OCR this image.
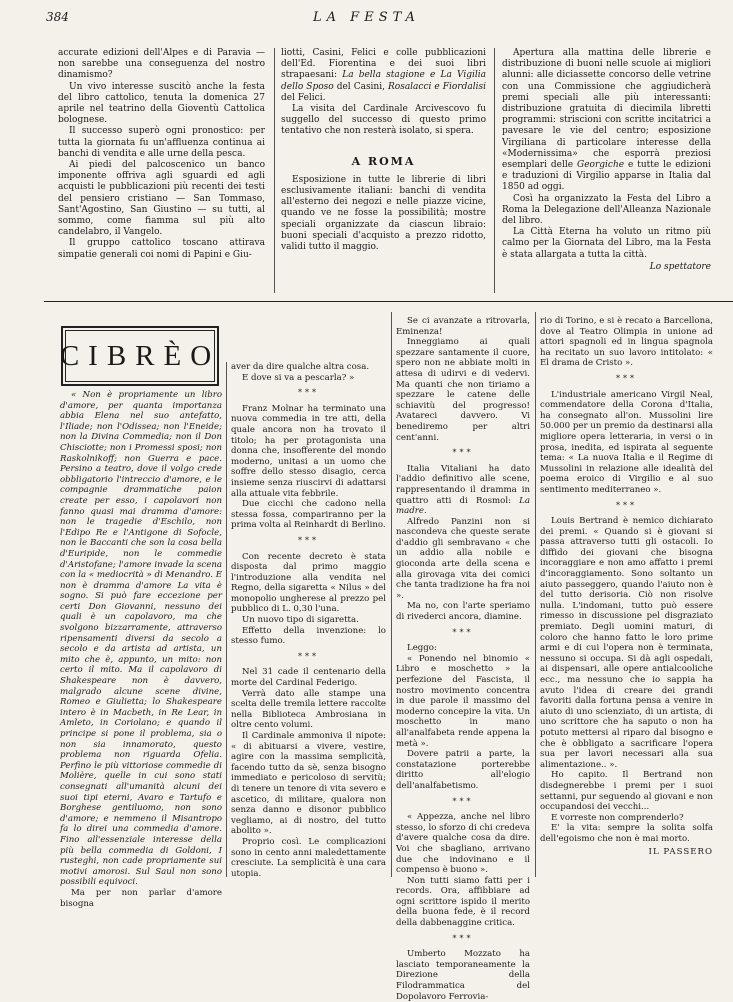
384	LA FESTA

accurate edizioni dell'Alpes e di Paravia — non sarebbe una conseguenza del nostro dinamismo?

Un vivo interesse suscitò anche la festa del libro cattolico, tenuta la domenica 27 aprile nel teatrino della Gioventù Cattolica bolognese.

Il successo superò ogni pronostico: per tutta la giornata fu un'affluenza continua ai banchi di vendita e alle urne della pesca.

Ai piedi del palcoscenico un banco imponente offriva agli sguardi ed agli acquisti le pubblicazioni più recenti dei testi del pensiero cristiano — San Tommaso, Sant'Agostino, San Giustino — su tutti, al sommo, come fiamma sul più alto candelabro, il Vangelo.

Il gruppo cattolico toscano attirava simpatie generali coi nomi di Papini e Giu-

liotti, Casini, Felici e colle pubblicazioni dell'Ed. Fiorentina e dei suoi libri strapaesani: La bella stagione e La Vigilia dello Sposo del Casini, Rosalacci e Fiordalisi del Felici.

La visita del Cardinale Arcivescovo fu suggello del successo di questo primo tentativo che non resterà isolato, si spera.

A ROMA

Esposizione in tutte le librerie di libri esclusivamente italiani: banchi di vendita all'esterno dei negozi e nelle piazze vicine, quando ve ne fosse la possibilità; mostre speciali organizzate da ciascun libraio: buoni speciali d'acquisto a prezzo ridotto, validi tutto il maggio.

Apertura alla mattina delle librerie e distribuzione di buoni nelle scuole ai migliori alunni: alle diciassette concorso delle vetrine con una Commissione che aggiudicherà premi speciali alle più interessanti: distribuzione gratuita di diecimila libretti programmi: striscioni con scritte incitatrici a pavesare le vie del centro; esposizione Virgiliana di particolare interesse della «Modernissima» che esporrà preziosi esemplari delle Georgiche e tutte le edizioni e traduzioni di Virgilio apparse in Italia dal 1850 ad oggi.

Così ha organizzato la Festa del Libro a Roma la Delegazione dell'Alleanza Nazionale del libro.

La Città Eterna ha voluto un ritmo più calmo per la Giornata del Libro, ma la Festa è stata allargata a tutta la città.

Lo spettatore
CIBRÈO

« Non è propriamente un libro d'amore, per quanta importanza abbia Elena nel suo antefatto, l'Iliade; non l'Odissea; non l'Eneide; non la Divina Commedia; non il Don Chisciotte; non i Promessi sposi; non Raskolnikoff; non Guerra e pace. Persino a teatro, dove il volgo crede obbligatorio l'intreccio d'amore, e le compagnie drammatiche paion create per esso, i capolavori non fanno quasi mai dramma d'amore: non le tragedie d'Eschilo, non l'Edipo Re e l'Antigone di Sofocle, non le Baccanti che son la cosa bella d'Euripide, non le commedie d'Aristofane; l'amore invade la scena con la « mediocrità » di Menandro. E non è dramma d'amore La vita è sogno. Si può fare eccezione per certi Don Giovanni, nessuno dei quali è un capolavoro, ma che svolgono bizzarramente, attraverso ripensamenti diversi da secolo a secolo e da artista ad artista, un mito che è, appunto, un mito: non certo il mito. Ma il capolavoro di Shakespeare non è davvero, malgrado alcune scene divine, Romeo e Giulietta; lo Shakespeare intero è in Macbeth, in Re Lear, in Amleto, in Coriolano; e quando il principe si pone il problema, sia o non sia innamorato, questo problema non riguarda Ofelia. Perfino le più vittoriose commedie di Molière, quelle in cui sono stati consegnati all'umanità alcuni dei suoi tipi eterni, Avaro e Tartufo e Borghese gentiluomo, non sono d'amore; e nemmeno il Misantropo fa lo direi una commedia d'amore. Fino all'essenziale interesse della più bella commedia di Goldoni, I rusteghi, non cade propriamente sui motivi amorosi. Sul Saul non sono possibili equivoci.

Ma per non parlar d'amore bisogna

aver da dire qualche altra cosa.

E dove si va a pescarla? »

***

Franz Molnar ha terminato una nuova commedia in tre atti, della quale ancora non ha trovato il titolo; ha per protagonista una donna che, insofferente del mondo moderno, unitasi a un uomo che soffre dello stesso disagio, cerca insieme senza riuscirvi di adattarsi alla attuale vita febbrile.

Due cicchi che cadono nella stessa fossa, compariranno per la prima volta al Reinhardt di Berlino.

***

Con recente decreto è stata disposta dal primo maggio l'introduzione alla vendita nel Regno, della sigaretta « Nilus » del monopolio ungherese al prezzo pel pubblico di L. 0,30 l'una.

Un nuovo tipo di sigaretta.

Effetto della invenzione: lo stesso fumo.

***

Nel 31 cade il centenario della morte del Cardinal Federigo.

Verrà dato alle stampe una scelta delle tremila lettere raccolte nella Biblioteca Ambrosiana in oltre cento volumi.

Il Cardinale ammoniva il nipote: « di abituarsi a vivere, vestire, agire con la massima semplicità, facendo tutto da sè, senza bisogno immediato e pericoloso di servitù; di tenere un tenore di vita severo e ascetico, di militare, qualora non senza danno e disonor pubblico vegliamo, ai di nostro, del tutto abolito ».

Proprio così. Le complicazioni sono in cento anni maledettamente cresciute. La semplicità è una cara utopia.

Se ci avanzate a ritrovarla, Eminenza!

Inneggiamo ai quali spezzare santamente il cuore, spero non ne abbiate molti in attesa di udirvi e di vedervi. Ma quanti che non tiriamo a spezzare le catene delle schiavitù del progresso! Avatareci davvero. Vi benediremo per altri cent'anni.

***

Italia Vitaliani ha dato l'addio definitivo alle scene, rappresentando il dramma in quattro atti di Rosmol: La madre.

Alfredo Panzini non si nascondeva che queste serate d'addio gli sembravano « che un addio alla nobile e gioconda arte della scena e alla girovaga vita dei comici che tanta tradizione ha fra noi ».

Ma no, con l'arte speriamo di rivederci ancora, diamine.

***

Leggo:

« Ponendo nel binomio « Libro e moschetto » la perfezione del Fascista, il nostro movimento concentra in due parole il massimo del moderno concepire la vita. Un moschetto in mano all'analfabeta rende appena la metà ».

Dovere patrii a parte, la constatazione porterebbe diritto all'elogio dell'analfabetismo.

***

« Appezza, anche nel libro stesso, lo sforzo di chi credeva d'avere qualche cosa da dire. Voi che sbagliano, arrivano due che indovinano e il compenso è buono ».

Non tutti siamo fatti per i records. Ora, affibbiare ad ogni scrittore ispido il merito della buona fede, è il record della dabbenaggine critica.

***

Umberto Mozzato ha lasciato temporaneamente la Direzione della Filodrammatica del Dopolavoro Ferrovia-

rio di Torino, e si è recato a Barcellona, dove al Teatro Olimpia in unione ad attori spagnoli ed in lingua spagnola ha recitato un suo lavoro intitolato: « El drama de Cristo ».

***

L'industriale americano Virgil Neal, commendatore della Corona d'Italia, ha consegnato all'on. Mussolini lire 50.000 per un premio da destinarsi alla migliore opera letteraria, in versi o in prosa, inedita, ed ispirata al seguente tema: « La nuova Italia e il Regime di Mussolini in relazione alle idealità del poema eroico di Virgilio e al suo sentimento mediterraneo ».

***

Louis Bertrand è nemico dichiarato dei premi. « Quando si è giovani si passa attraverso tutti gli ostacoli. Io diffido dei giovani che bisogna incoraggiare e non amo affatto i premi d'incoraggiamento. Sono soltanto un aiuto passeggero, quando l'aiuto non è del tutto derisoria. Ciò non risolve nulla. L'indomani, tutto può essere rimesso in discussione pel disgraziato premiato. Degli uomini maturi, di coloro che hanno fatto le loro prime armi e di cui l'opera non è terminata, nessuno si occupa. Si dà agli ospedali, ai dispensari, alle opere antialcooliche ecc., ma nessuno che io sappia ha avuto l'idea di creare dei grandi favoriti dalla fortuna pensa a venire in aiuto di uno scienziato, di un artista, di uno scrittore che ha saputo o non ha potuto mettersi al riparo dal bisogno e che è obbligato a sacrificare l'opera sua per lavori necessari alla sua alimentazione.. ».

Ho capito. Il Bertrand non disdegnerebbe i premi per i suoi settanni, pur seguendo al giovani e non occupandosi dei vecchi...

E vorreste non comprenderlo?

E' la vita: sempre la solita solfa dell'egoismo che non è mai morto.

IL PASSERO
